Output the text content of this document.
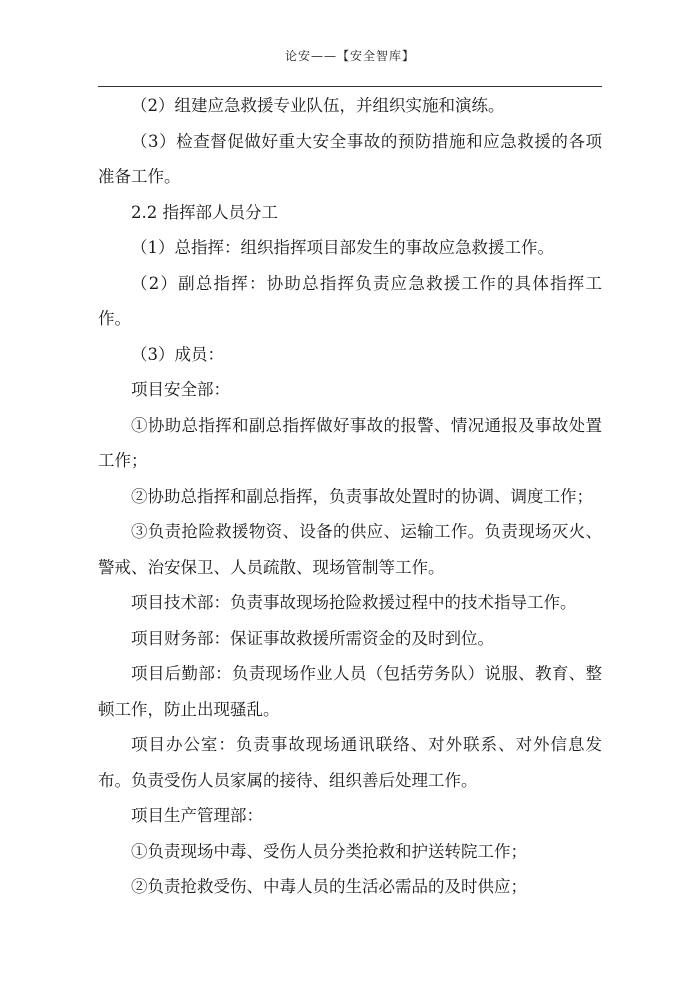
论安——【安全智库】

（2）组建应急救援专业队伍，并组织实施和演练。

（3）检查督促做好重大安全事故的预防措施和应急救援的各项准备工作。

2.2 指挥部人员分工

（1）总指挥：组织指挥项目部发生的事故应急救援工作。

（2）副总指挥：协助总指挥负责应急救援工作的具体指挥工作。

（3）成员：

项目安全部：

①协助总指挥和副总指挥做好事故的报警、情况通报及事故处置工作；

②协助总指挥和副总指挥，负责事故处置时的协调、调度工作；

③负责抢险救援物资、设备的供应、运输工作。负责现场灭火、警戒、治安保卫、人员疏散、现场管制等工作。

项目技术部：负责事故现场抢险救援过程中的技术指导工作。

项目财务部：保证事故救援所需资金的及时到位。

项目后勤部：负责现场作业人员（包括劳务队）说服、教育、整顿工作，防止出现骚乱。

项目办公室：负责事故现场通讯联络、对外联系、对外信息发布。负责受伤人员家属的接待、组织善后处理工作。

项目生产管理部：

①负责现场中毒、受伤人员分类抢救和护送转院工作；

②负责抢救受伤、中毒人员的生活必需品的及时供应；
